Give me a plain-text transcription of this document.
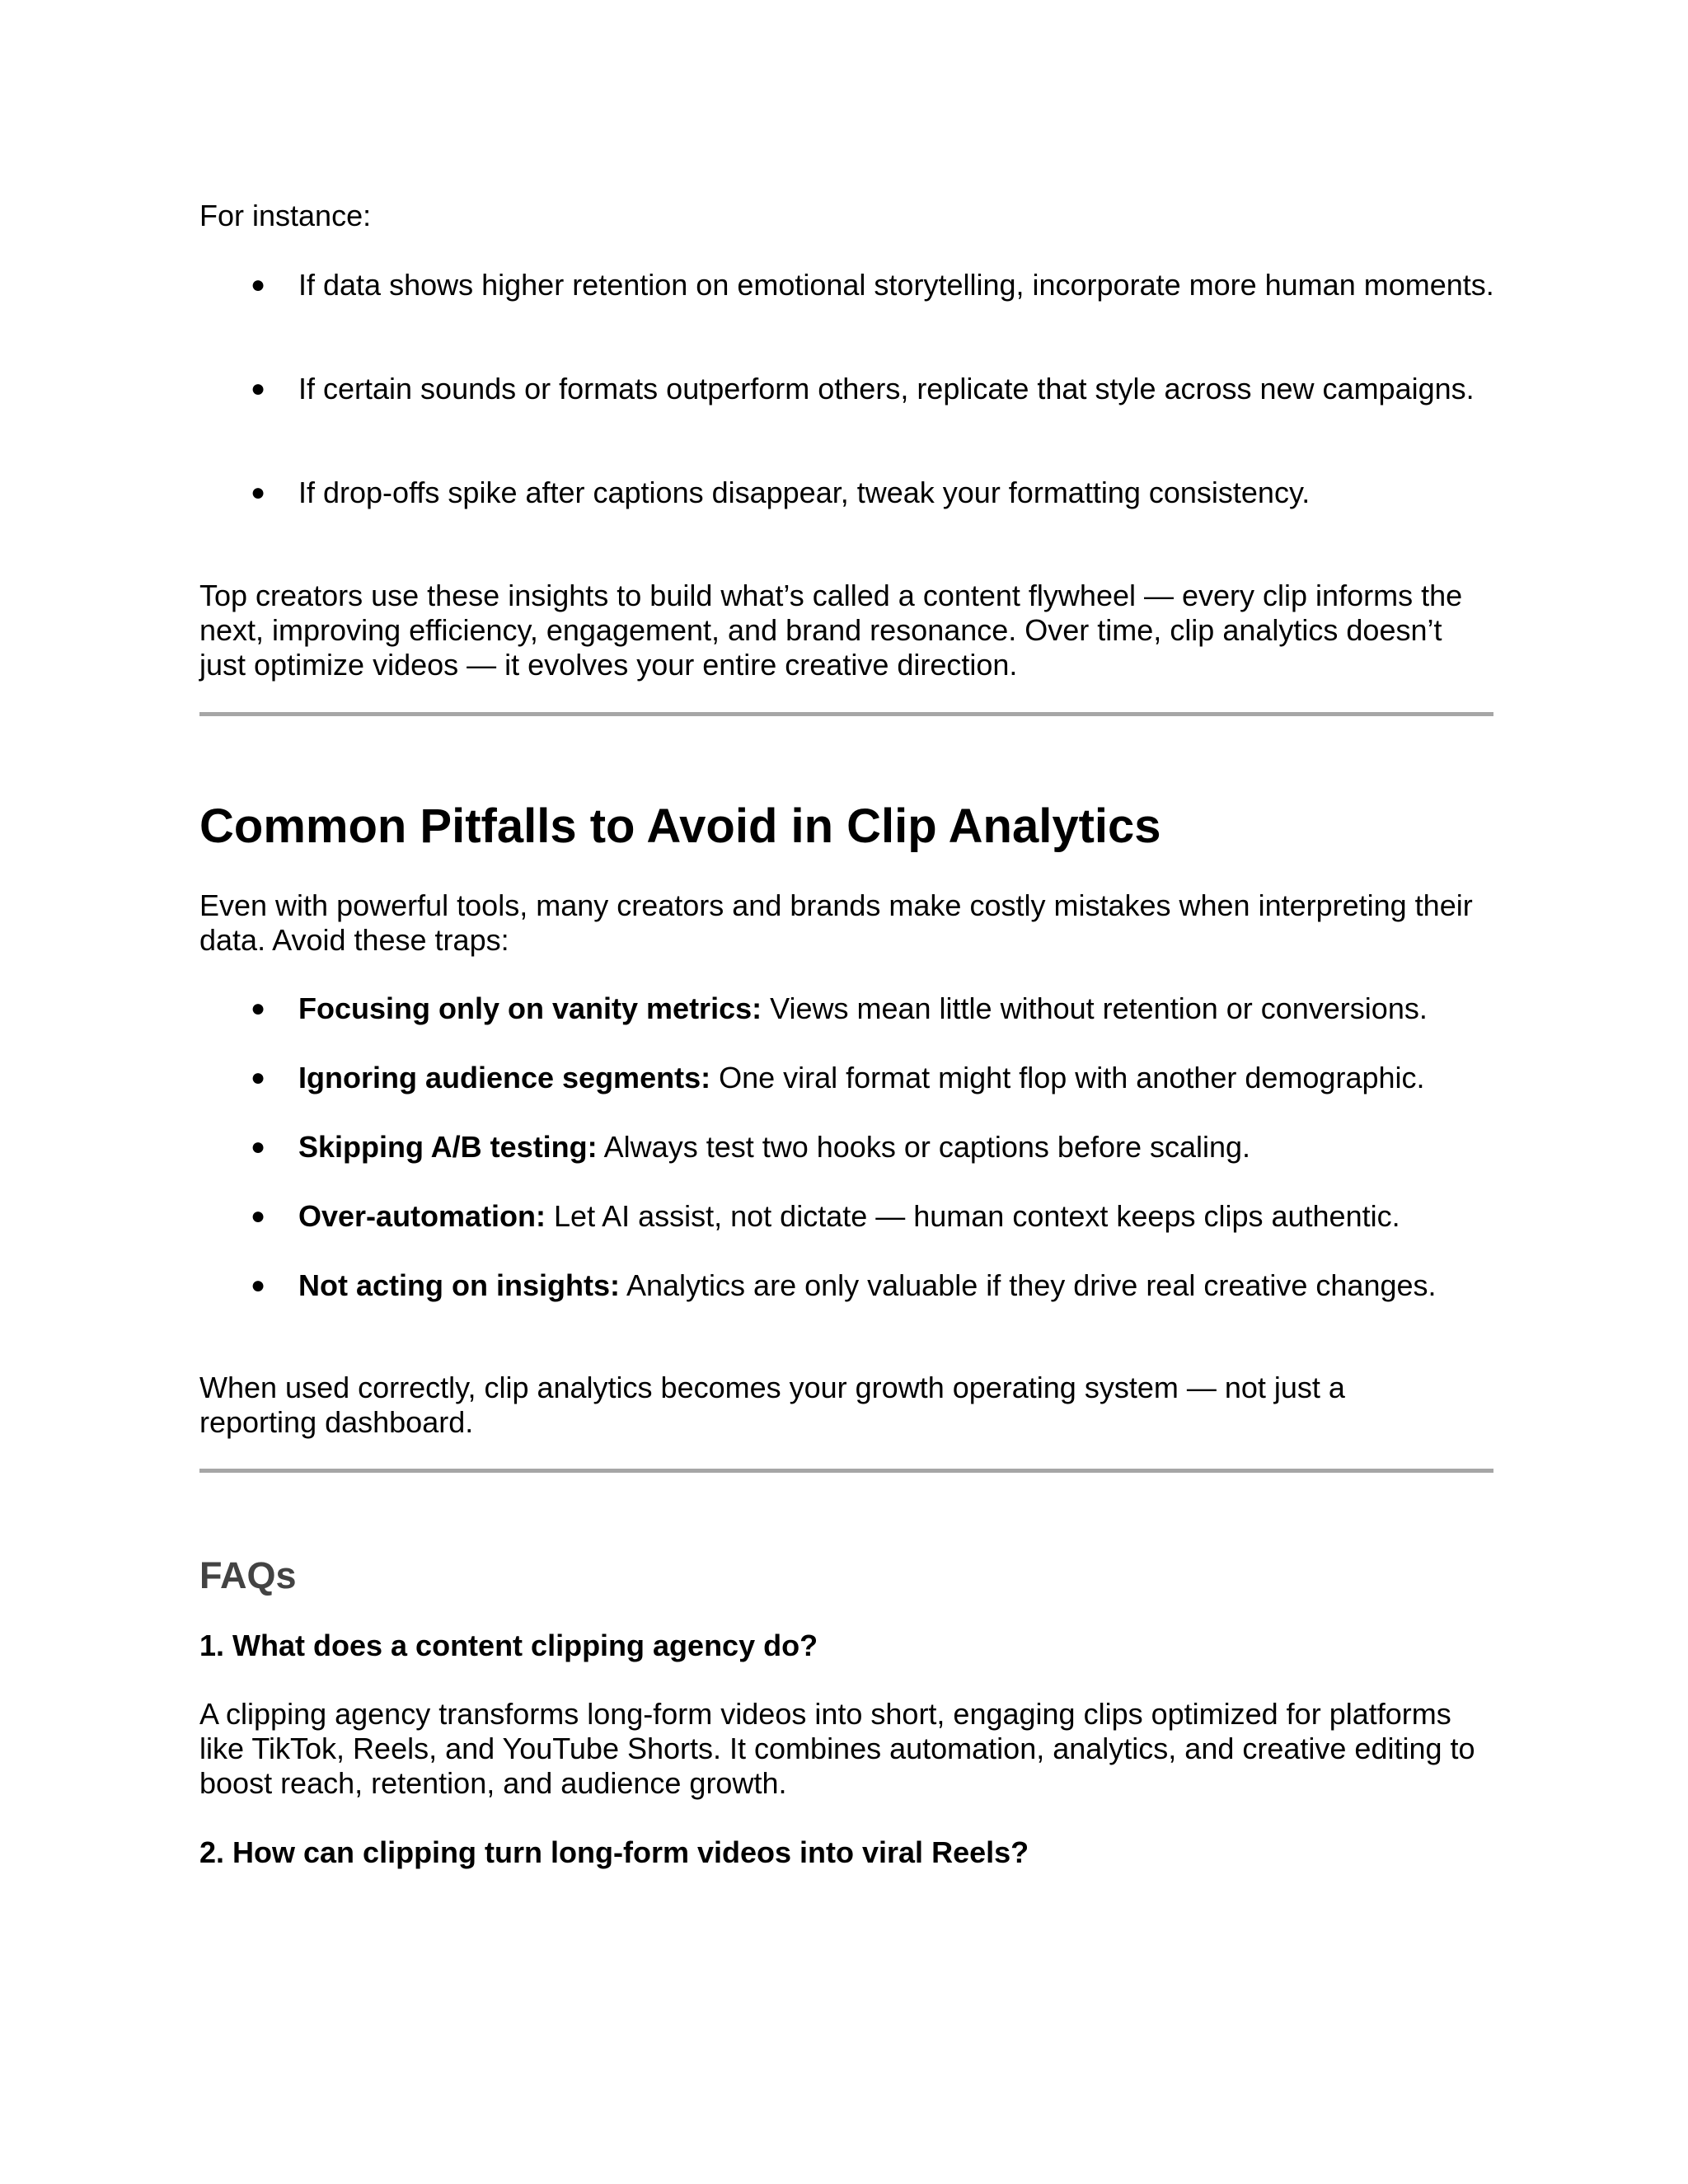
For instance:

● If data shows higher retention on emotional storytelling, incorporate more human moments.
● If certain sounds or formats outperform others, replicate that style across new campaigns.
● If drop-offs spike after captions disappear, tweak your formatting consistency.

Top creators use these insights to build what’s called a content flywheel — every clip informs the next, improving efficiency, engagement, and brand resonance. Over time, clip analytics doesn’t just optimize videos — it evolves your entire creative direction.

Common Pitfalls to Avoid in Clip Analytics

Even with powerful tools, many creators and brands make costly mistakes when interpreting their data. Avoid these traps:

● Focusing only on vanity metrics: Views mean little without retention or conversions.
● Ignoring audience segments: One viral format might flop with another demographic.
● Skipping A/B testing: Always test two hooks or captions before scaling.
● Over-automation: Let AI assist, not dictate — human context keeps clips authentic.
● Not acting on insights: Analytics are only valuable if they drive real creative changes.

When used correctly, clip analytics becomes your growth operating system — not just a reporting dashboard.

FAQs

1. What does a content clipping agency do?

A clipping agency transforms long-form videos into short, engaging clips optimized for platforms like TikTok, Reels, and YouTube Shorts. It combines automation, analytics, and creative editing to boost reach, retention, and audience growth.

2. How can clipping turn long-form videos into viral Reels?
